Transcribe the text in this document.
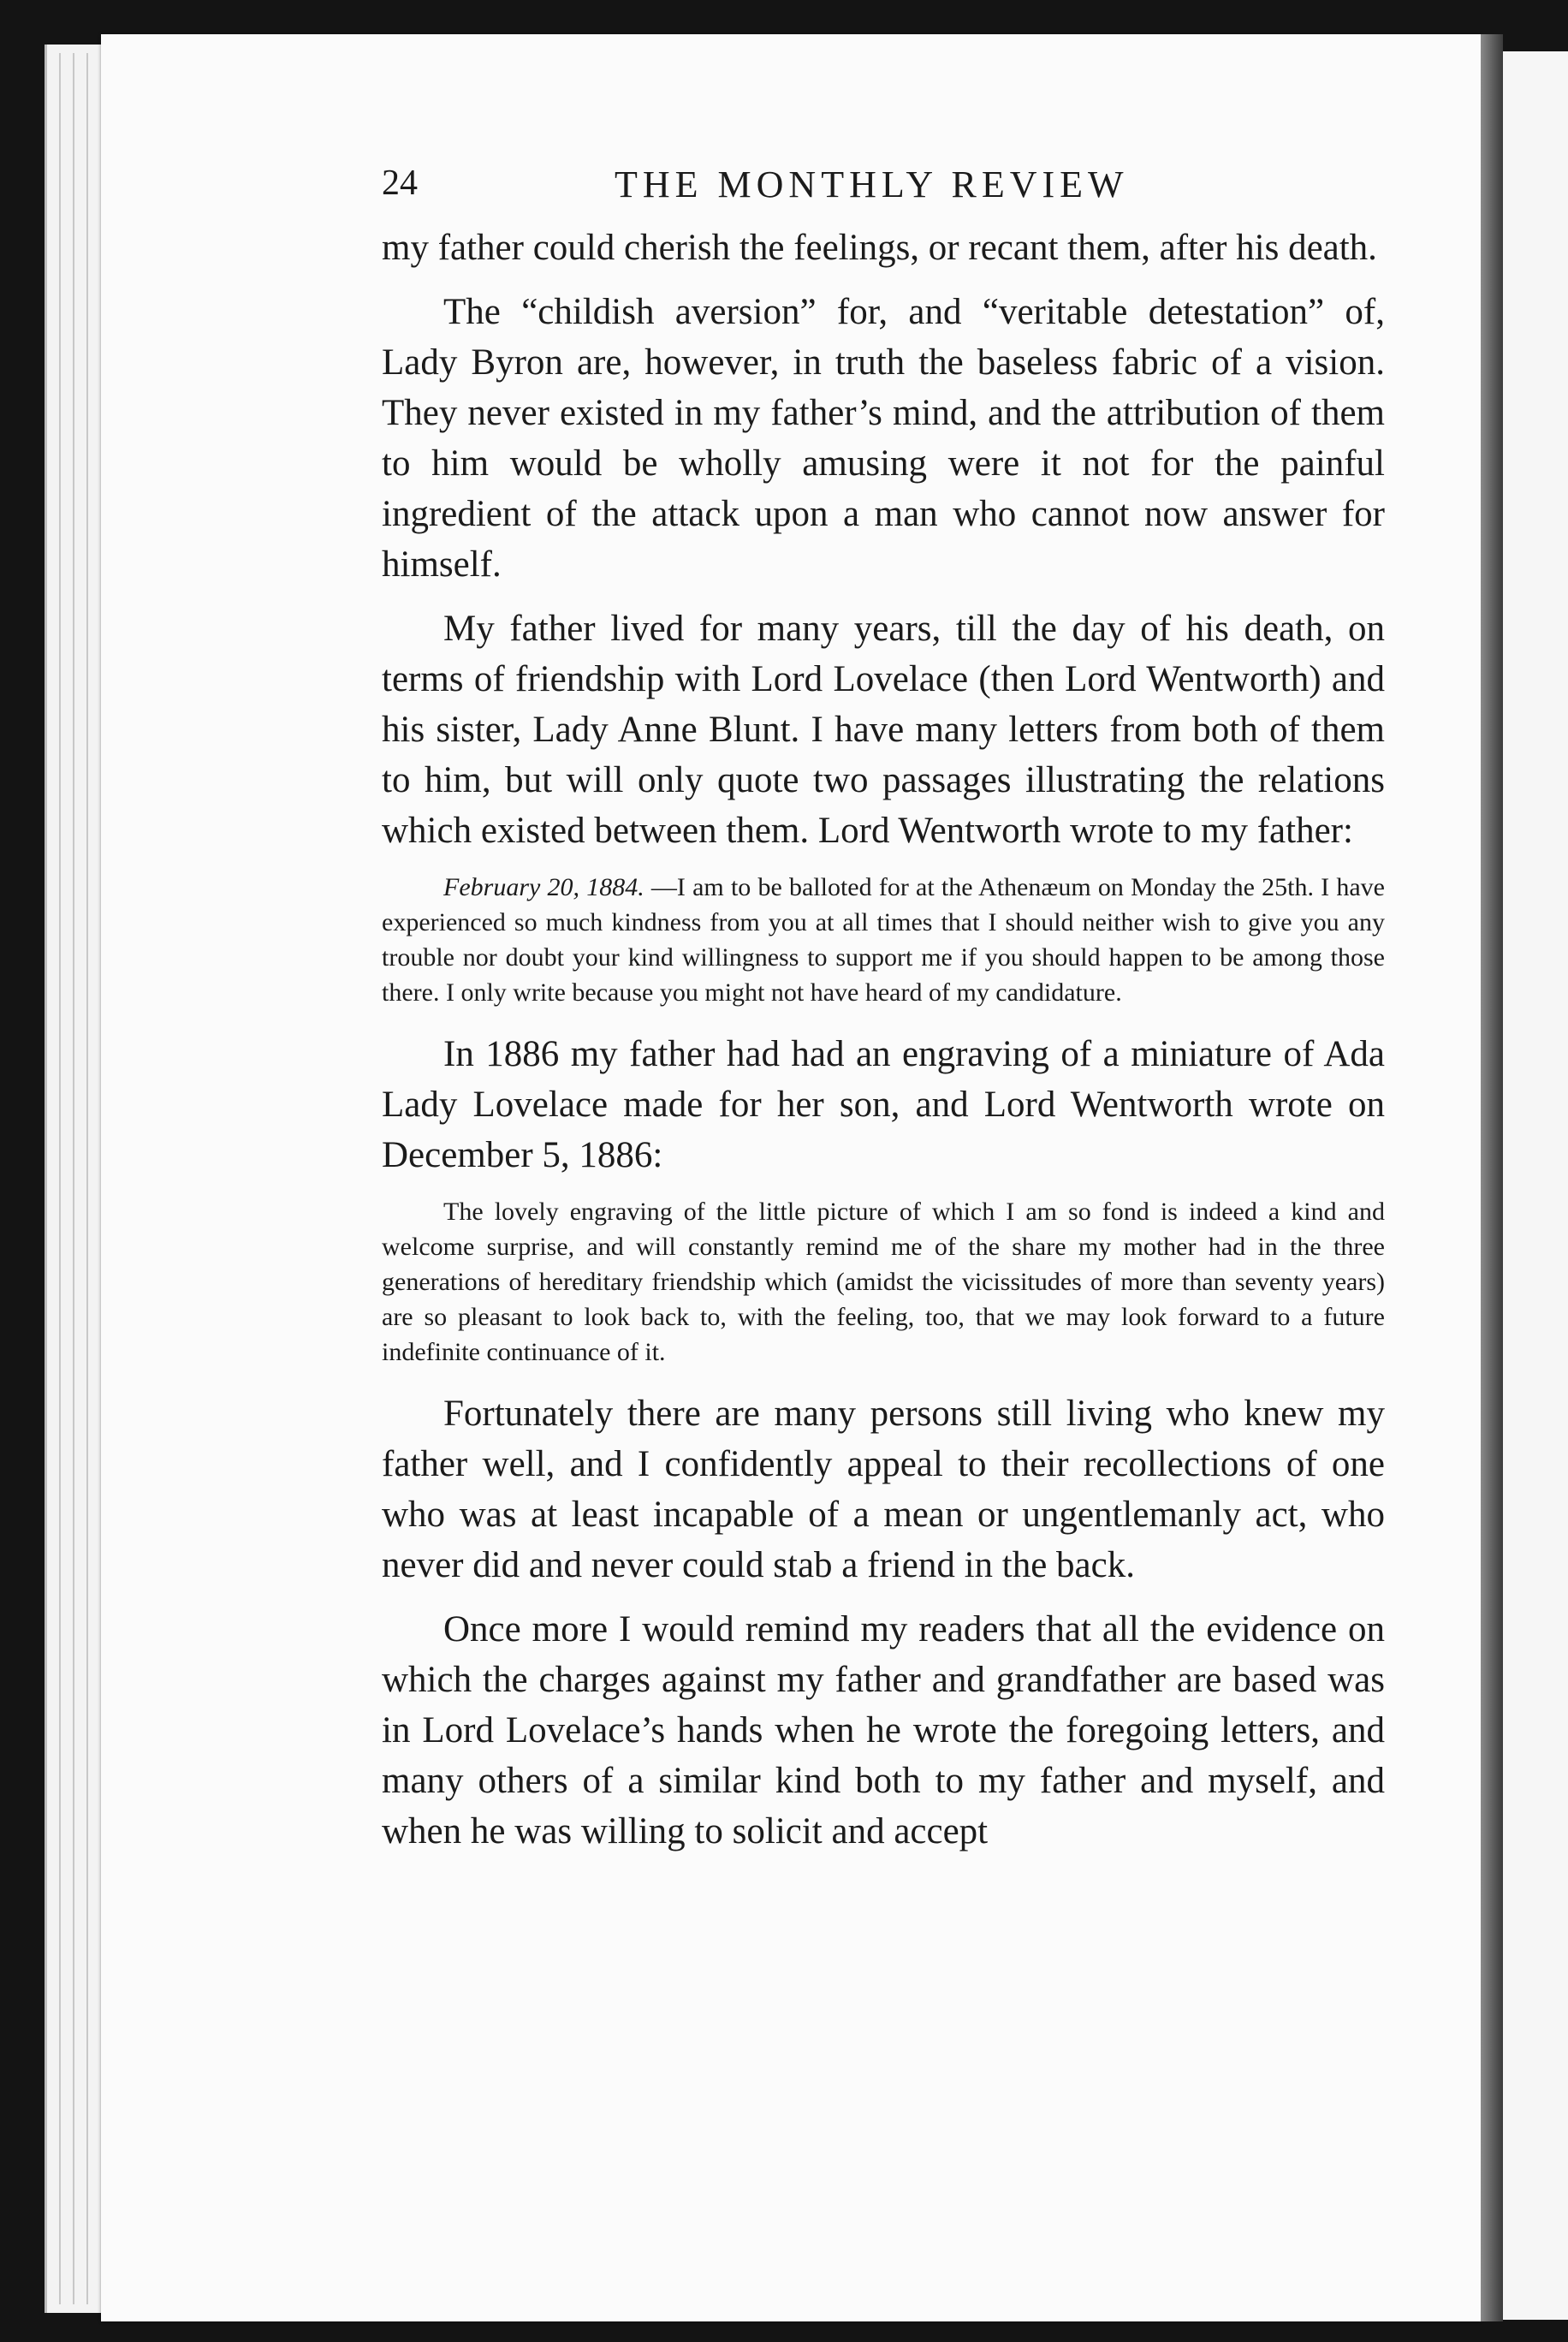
24	THE MONTHLY REVIEW

my father could cherish the feelings, or recant them, after his death.

The “childish aversion” for, and “veritable detestation” of, Lady Byron are, however, in truth the baseless fabric of a vision. They never existed in my father’s mind, and the attribution of them to him would be wholly amusing were it not for the painful ingredient of the attack upon a man who cannot now answer for himself.

My father lived for many years, till the day of his death, on terms of friendship with Lord Lovelace (then Lord Wentworth) and his sister, Lady Anne Blunt. I have many letters from both of them to him, but will only quote two passages illustrating the relations which existed between them. Lord Wentworth wrote to my father:

February 20, 1884. —I am to be balloted for at the Athenæum on Monday the 25th. I have experienced so much kindness from you at all times that I should neither wish to give you any trouble nor doubt your kind willingness to support me if you should happen to be among those there. I only write because you might not have heard of my candidature.

In 1886 my father had had an engraving of a miniature of Ada Lady Lovelace made for her son, and Lord Wentworth wrote on December 5, 1886:

The lovely engraving of the little picture of which I am so fond is indeed a kind and welcome surprise, and will constantly remind me of the share my mother had in the three generations of hereditary friendship which (amidst the vicissitudes of more than seventy years) are so pleasant to look back to, with the feeling, too, that we may look forward to a future indefinite continuance of it.

Fortunately there are many persons still living who knew my father well, and I confidently appeal to their recollections of one who was at least incapable of a mean or ungentlemanly act, who never did and never could stab a friend in the back.

Once more I would remind my readers that all the evidence on which the charges against my father and grandfather are based was in Lord Lovelace’s hands when he wrote the foregoing letters, and many others of a similar kind both to my father and myself, and when he was willing to solicit and accept
